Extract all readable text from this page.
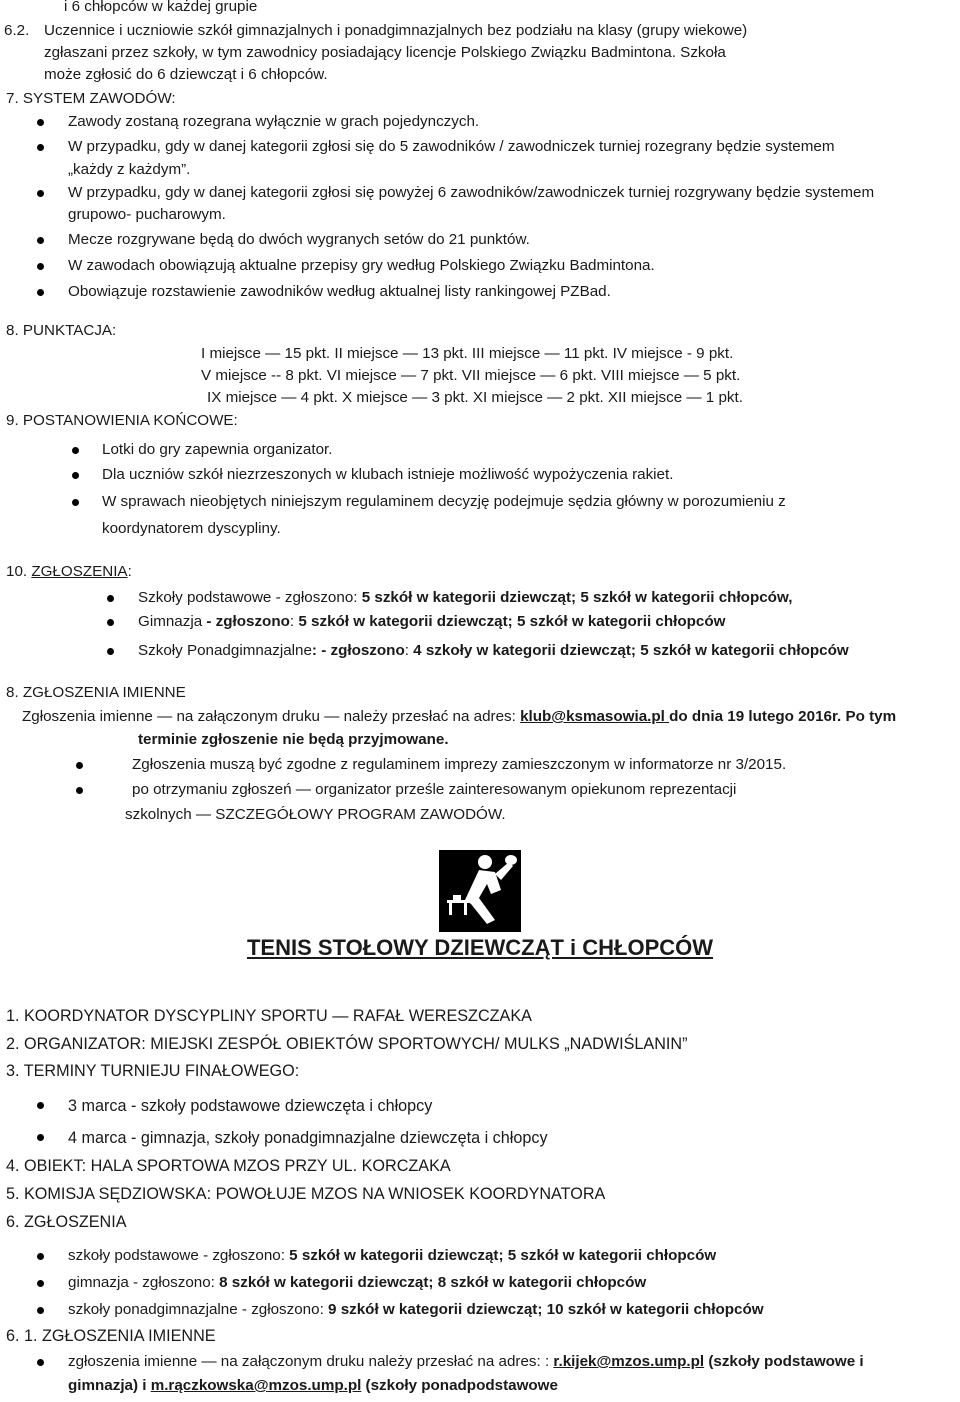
i 6 chłopców w każdej grupie
6.2. Uczennice i uczniowie szkół gimnazjalnych i ponadgimnazjalnych bez podziału na klasy (grupy wiekowe)
zgłaszani przez szkoły, w tym zawodnicy posiadający licencje Polskiego Związku Badmintona. Szkoła
może zgłosić do 6 dziewcząt i 6 chłopców.
7. SYSTEM ZAWODÓW:
Zawody zostaną rozegrana wyłącznie w grach pojedynczych.
W przypadku, gdy w danej kategorii zgłosi się do 5 zawodników / zawodniczek turniej rozegrany będzie systemem
„każdy z każdym”.
W przypadku, gdy w danej kategorii zgłosi się powyżej 6 zawodników/zawodniczek turniej rozgrywany będzie systemem
grupowo- pucharowym.
Mecze rozgrywane będą do dwóch wygranych setów do 21 punktów.
W zawodach obowiązują aktualne przepisy gry według Polskiego Związku Badmintona.
Obowiązuje rozstawienie zawodników według aktualnej listy rankingowej PZBad.
8. PUNKTACJA:
I miejsce — 15 pkt. II miejsce — 13 pkt. III miejsce — 11 pkt. IV miejsce - 9 pkt.
V miejsce -- 8 pkt. VI miejsce — 7 pkt. VII miejsce — 6 pkt. VIII miejsce — 5 pkt.
IX miejsce — 4 pkt. X miejsce — 3 pkt. XI miejsce — 2 pkt. XII miejsce — 1 pkt.
9. POSTANOWIENIA KOŃCOWE:
Lotki do gry zapewnia organizator.
Dla uczniów szkół niezrzeszonych w klubach istnieje możliwość wypożyczenia rakiet.
W sprawach nieobjętych niniejszym regulaminem decyzję podejmuje sędzia główny w porozumieniu z
koordynatorem dyscypliny.
10. ZGŁOSZENIA:
Szkoły podstawowe - zgłoszono: 5 szkół w kategorii dziewcząt; 5 szkół w kategorii chłopców,
Gimnazja - zgłoszono: 5 szkół w kategorii dziewcząt; 5 szkół w kategorii chłopców
Szkoły Ponadgimnazjalne: - zgłoszono: 4 szkoły w kategorii dziewcząt; 5 szkół w kategorii chłopców
8. ZGŁOSZENIA IMIENNE
Zgłoszenia imienne — na załączonym druku — należy przesłać na adres: klub@ksmasowia.pl do dnia 19 lutego 2016r. Po tym
terminie zgłoszenie nie będą przyjmowane.
Zgłoszenia muszą być zgodne z regulaminem imprezy zamieszczonym w informatorze nr 3/2015.
po otrzymaniu zgłoszeń — organizator prześle zainteresowanym opiekunom reprezentacji
szkolnych — SZCZEGÓŁOWY PROGRAM ZAWODÓW.
TENIS STOŁOWY DZIEWCZĄT i CHŁOPCÓW
1. KOORDYNATOR DYSCYPLINY SPORTU — RAFAŁ WERESZCZAKA
2. ORGANIZATOR: MIEJSKI ZESPÓŁ OBIEKTÓW SPORTOWYCH/ MULKS „NADWIŚLANIN”
3. TERMINY TURNIEJU FINAŁOWEGO:
3 marca - szkoły podstawowe dziewczęta i chłopcy
4 marca - gimnazja, szkoły ponadgimnazjalne dziewczęta i chłopcy
4. OBIEKT: HALA SPORTOWA MZOS PRZY UL. KORCZAKA
5. KOMISJA SĘDZIOWSKA: POWOŁUJE MZOS NA WNIOSEK KOORDYNATORA
6. ZGŁOSZENIA
szkoły podstawowe - zgłoszono: 5 szkół w kategorii dziewcząt; 5 szkół w kategorii chłopców
gimnazja - zgłoszono: 8 szkół w kategorii dziewcząt; 8 szkół w kategorii chłopców
szkoły ponadgimnazjalne - zgłoszono: 9 szkół w kategorii dziewcząt; 10 szkół w kategorii chłopców
6. 1. ZGŁOSZENIA IMIENNE
zgłoszenia imienne — na załączonym druku należy przesłać na adres: : r.kijek@mzos.ump.pl (szkoły podstawowe i
gimnazja) i m.rączkowska@mzos.ump.pl (szkoły ponadpodstawowe
